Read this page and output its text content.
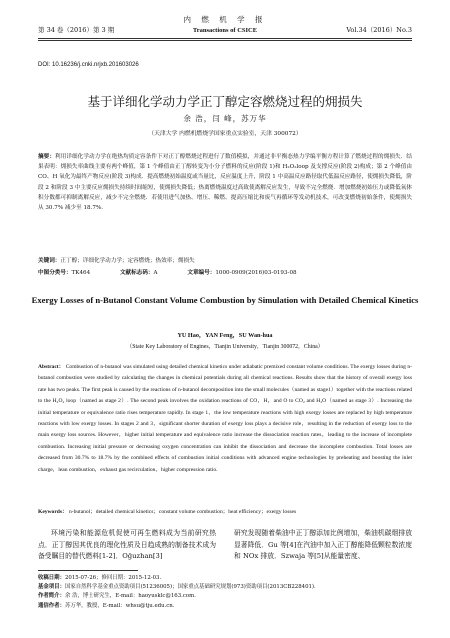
第 34 卷（2016）第 3 期
内 燃 机 学 报
Transactions of CSICE	Vol.34（2016）No.3
DOI: 10.16236/j.cnki.nrjxb.201603026
基于详细化学动力学正丁醇定容燃烧过程的㶲损失
余 浩，闫 峰，苏万华
（天津大学 内燃机燃烧学国家重点实验室，天津 300072）
摘要：利用详细化学动力学在绝热均质定容条件下对正丁醇燃烧过程进行了数值模拟，并通过非平衡态热力学编平衡方程计算了燃烧过程的㶲损失．结果表明：㶲损失率曲线主要有两个峰值，第 1 个峰值由正丁醇转变为小分子燃料的反应(阶段 1)和 H₂O₂loop 及支撑反应(阶段 2)构成；第 2 个峰值由 CO、H 氧化为最终产物反应(阶段 3)构成．提高燃烧初始温度或当量比，反应温度上升，阶段 1 中高温反应路径取代低温反应路径，使㶲损失降低，阶段 2 和阶段 3 中主要反应㶲损失持续时间缩短，使㶲损失降低；热离燃烧温度过高致使离解反应发生，导致不完全燃烧．增加燃烧初始压力或降低氧体积分数都可抑制离解反应，减少不完全燃烧．若使用进气加热、增压、稀燃、提高压缩比和废气再循环等发动机技术，可改变燃烧初始条件，使㶲损失从 30.7% 减少至 18.7%．
关键词：正丁醇；详细化学动力学；定容燃烧；热效率；㶲损失
中图分类号：TK464	文献标志码：A	文章编号：1000-0909(2016)03-0193-08
Exergy Losses of n-Butanol Constant Volume Combustion by Simulation with Detailed Chemical Kinetics
YU Hao，YAN Feng，SU Wan-hua
（State Key Laboratory of Engines，Tianjin University，Tianjin 300072，China）
Abstract： Combustion of n-butanol was simulated using detailed chemical kinetics under adiabatic premixed constant volume conditions. The exergy losses during n-butanol combustion were studied by calculating the changes in chemical potentials during all chemical reactions. Results show that the history of overall exergy loss rate has two peaks. The first peak is caused by the reactions of n-butanol decomposition into the small molecules（named as stage1）together with the reactions related to the H₂O₂ loop（named as stage 2）. The second peak involves the oxidation reactions of CO，H，and O to CO₂ and H₂O（named as stage 3）. Increasing the initial temperature or equivalence ratio rises temperature rapidly. In stage 1，the low temperature reactions with high exergy losses are replaced by high temperature reactions with low exergy losses. In stages 2 and 3，significant shorter duration of exergy loss plays a decisive role，resulting in the reduction of exergy loss to the main exergy loss sources. However，higher initial temperature and equivalence ratio increase the dissociation reaction rates，leading to the increase of incomplete combustion. Increasing initial pressure or decreasing oxygen concentration can inhibit the dissociation and decrease the incomplete combustion. Total losses are decreased from 30.7% to 18.7% by the combined effects of combustion initial conditions with advanced engine technologies by preheating and boosting the inlet charge，lean combustion，exhaust gas recirculation，higher compression ratio.
Keywords： n-butanol；detailed chemical kinetics；constant volume combustion；heat efficiency；exergy losses
环境污染和能源危机促使可再生燃料成为当前研究热点．正丁醇因其优良的理化性质及日趋成熟的制备技术成为备受瞩目的替代燃料[1-2]．Oğuzhan[3]
研究发现随着柴油中正丁醇添加比例增加，柴油机碳烟排放显著降低．Gu 等[4]在汽油中加入正丁醇能降低颗粒数浓度和 NOx 排放．Szwaja 等[5]从能量密度、
收稿日期：2015-07-26；修回日期：2015-12-03．
基金项目：国家自然科学基金重点资助项目(51236005)；国家重点基础研究规划(973)资助项目(2013CB228401)．
作者简介：余 浩，博士研究生，E-mail：haoyusklc@163.com．
通信作者：苏万华，教授，E-mail：whsu@tju.edu.cn．
